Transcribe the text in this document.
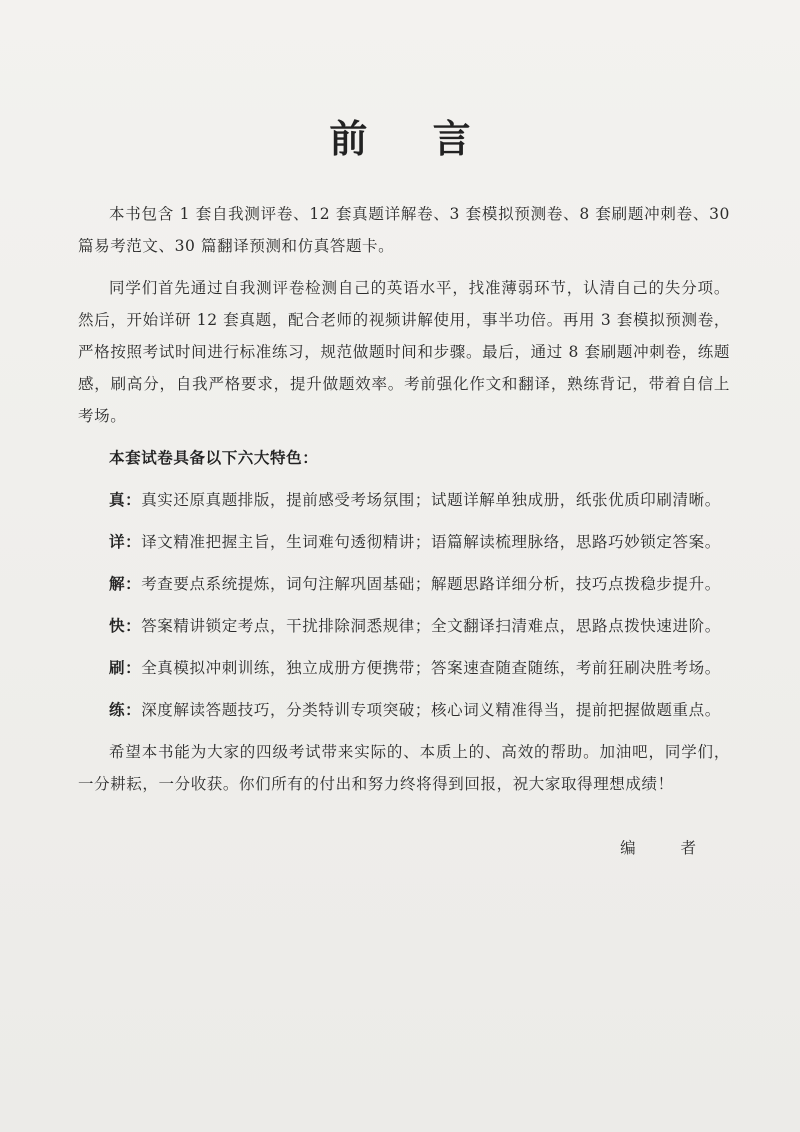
前 言

本书包含 1 套自我测评卷、12 套真题详解卷、3 套模拟预测卷、8 套刷题冲刺卷、30 篇易考范文、30 篇翻译预测和仿真答题卡。

同学们首先通过自我测评卷检测自己的英语水平，找准薄弱环节，认清自己的失分项。然后，开始详研 12 套真题，配合老师的视频讲解使用，事半功倍。再用 3 套模拟预测卷，严格按照考试时间进行标准练习，规范做题时间和步骤。最后，通过 8 套刷题冲刺卷，练题感，刷高分，自我严格要求，提升做题效率。考前强化作文和翻译，熟练背记，带着自信上考场。

本套试卷具备以下六大特色：

真：真实还原真题排版，提前感受考场氛围；试题详解单独成册，纸张优质印刷清晰。

详：译文精准把握主旨，生词难句透彻精讲；语篇解读梳理脉络，思路巧妙锁定答案。

解：考查要点系统提炼，词句注解巩固基础；解题思路详细分析，技巧点拨稳步提升。

快：答案精讲锁定考点，干扰排除洞悉规律；全文翻译扫清难点，思路点拨快速进阶。

刷：全真模拟冲刺训练，独立成册方便携带；答案速查随查随练，考前狂刷决胜考场。

练：深度解读答题技巧，分类特训专项突破；核心词义精准得当，提前把握做题重点。

希望本书能为大家的四级考试带来实际的、本质上的、高效的帮助。加油吧，同学们，一分耕耘，一分收获。你们所有的付出和努力终将得到回报，祝大家取得理想成绩！

编 者
